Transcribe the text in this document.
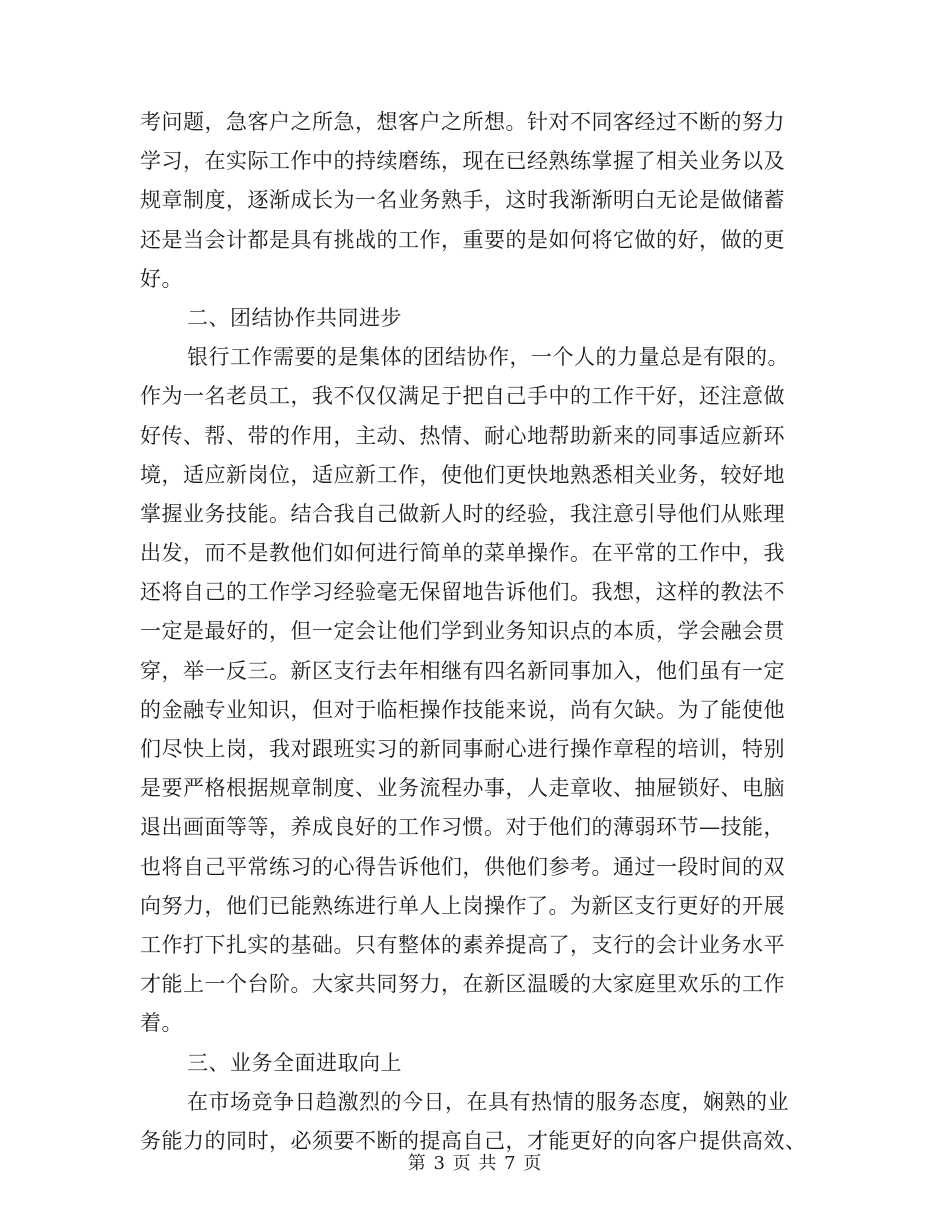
考问题，急客户之所急，想客户之所想。针对不同客经过不断的努力
学习，在实际工作中的持续磨练，现在已经熟练掌握了相关业务以及
规章制度，逐渐成长为一名业务熟手，这时我渐渐明白无论是做储蓄
还是当会计都是具有挑战的工作，重要的是如何将它做的好，做的更
好。
二、团结协作共同进步
银行工作需要的是集体的团结协作，一个人的力量总是有限的。
作为一名老员工，我不仅仅满足于把自己手中的工作干好，还注意做
好传、帮、带的作用，主动、热情、耐心地帮助新来的同事适应新环
境，适应新岗位，适应新工作，使他们更快地熟悉相关业务，较好地
掌握业务技能。结合我自己做新人时的经验，我注意引导他们从账理
出发，而不是教他们如何进行简单的菜单操作。在平常的工作中，我
还将自己的工作学习经验毫无保留地告诉他们。我想，这样的教法不
一定是最好的，但一定会让他们学到业务知识点的本质，学会融会贯
穿，举一反三。新区支行去年相继有四名新同事加入，他们虽有一定
的金融专业知识，但对于临柜操作技能来说，尚有欠缺。为了能使他
们尽快上岗，我对跟班实习的新同事耐心进行操作章程的培训，特别
是要严格根据规章制度、业务流程办事，人走章收、抽屉锁好、电脑
退出画面等等，养成良好的工作习惯。对于他们的薄弱环节—技能，
也将自己平常练习的心得告诉他们，供他们参考。通过一段时间的双
向努力，他们已能熟练进行单人上岗操作了。为新区支行更好的开展
工作打下扎实的基础。只有整体的素养提高了，支行的会计业务水平
才能上一个台阶。大家共同努力，在新区温暖的大家庭里欢乐的工作
着。
三、业务全面进取向上
在市场竞争日趋激烈的今日，在具有热情的服务态度，娴熟的业
务能力的同时，必须要不断的提高自己，才能更好的向客户提供高效、
第 3 页 共 7 页
